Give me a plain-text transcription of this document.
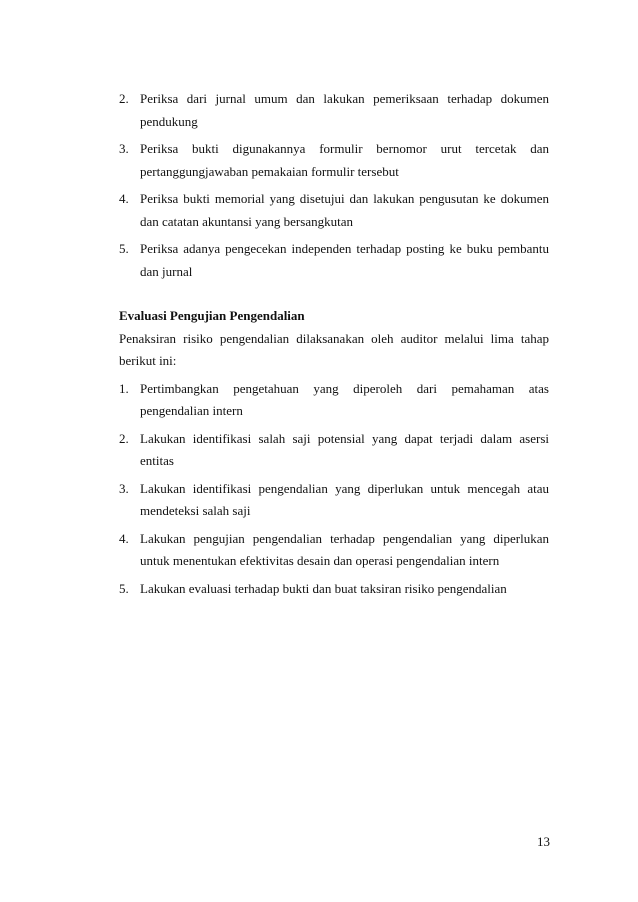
2. Periksa dari jurnal umum dan lakukan pemeriksaan terhadap dokumen pendukung
3. Periksa bukti digunakannya formulir bernomor urut tercetak dan pertanggungjawaban pemakaian formulir tersebut
4. Periksa bukti memorial yang disetujui dan lakukan pengusutan ke dokumen dan catatan akuntansi yang bersangkutan
5. Periksa adanya pengecekan independen terhadap posting ke buku pembantu dan jurnal
Evaluasi Pengujian Pengendalian

Penaksiran risiko pengendalian dilaksanakan oleh auditor melalui lima tahap berikut ini:

1. Pertimbangkan pengetahuan yang diperoleh dari pemahaman atas pengendalian intern
2. Lakukan identifikasi salah saji potensial yang dapat terjadi dalam asersi entitas
3. Lakukan identifikasi pengendalian yang diperlukan untuk mencegah atau mendeteksi salah saji
4. Lakukan pengujian pengendalian terhadap pengendalian yang diperlukan untuk menentukan efektivitas desain dan operasi pengendalian intern
5. Lakukan evaluasi terhadap bukti dan buat taksiran risiko pengendalian
13
